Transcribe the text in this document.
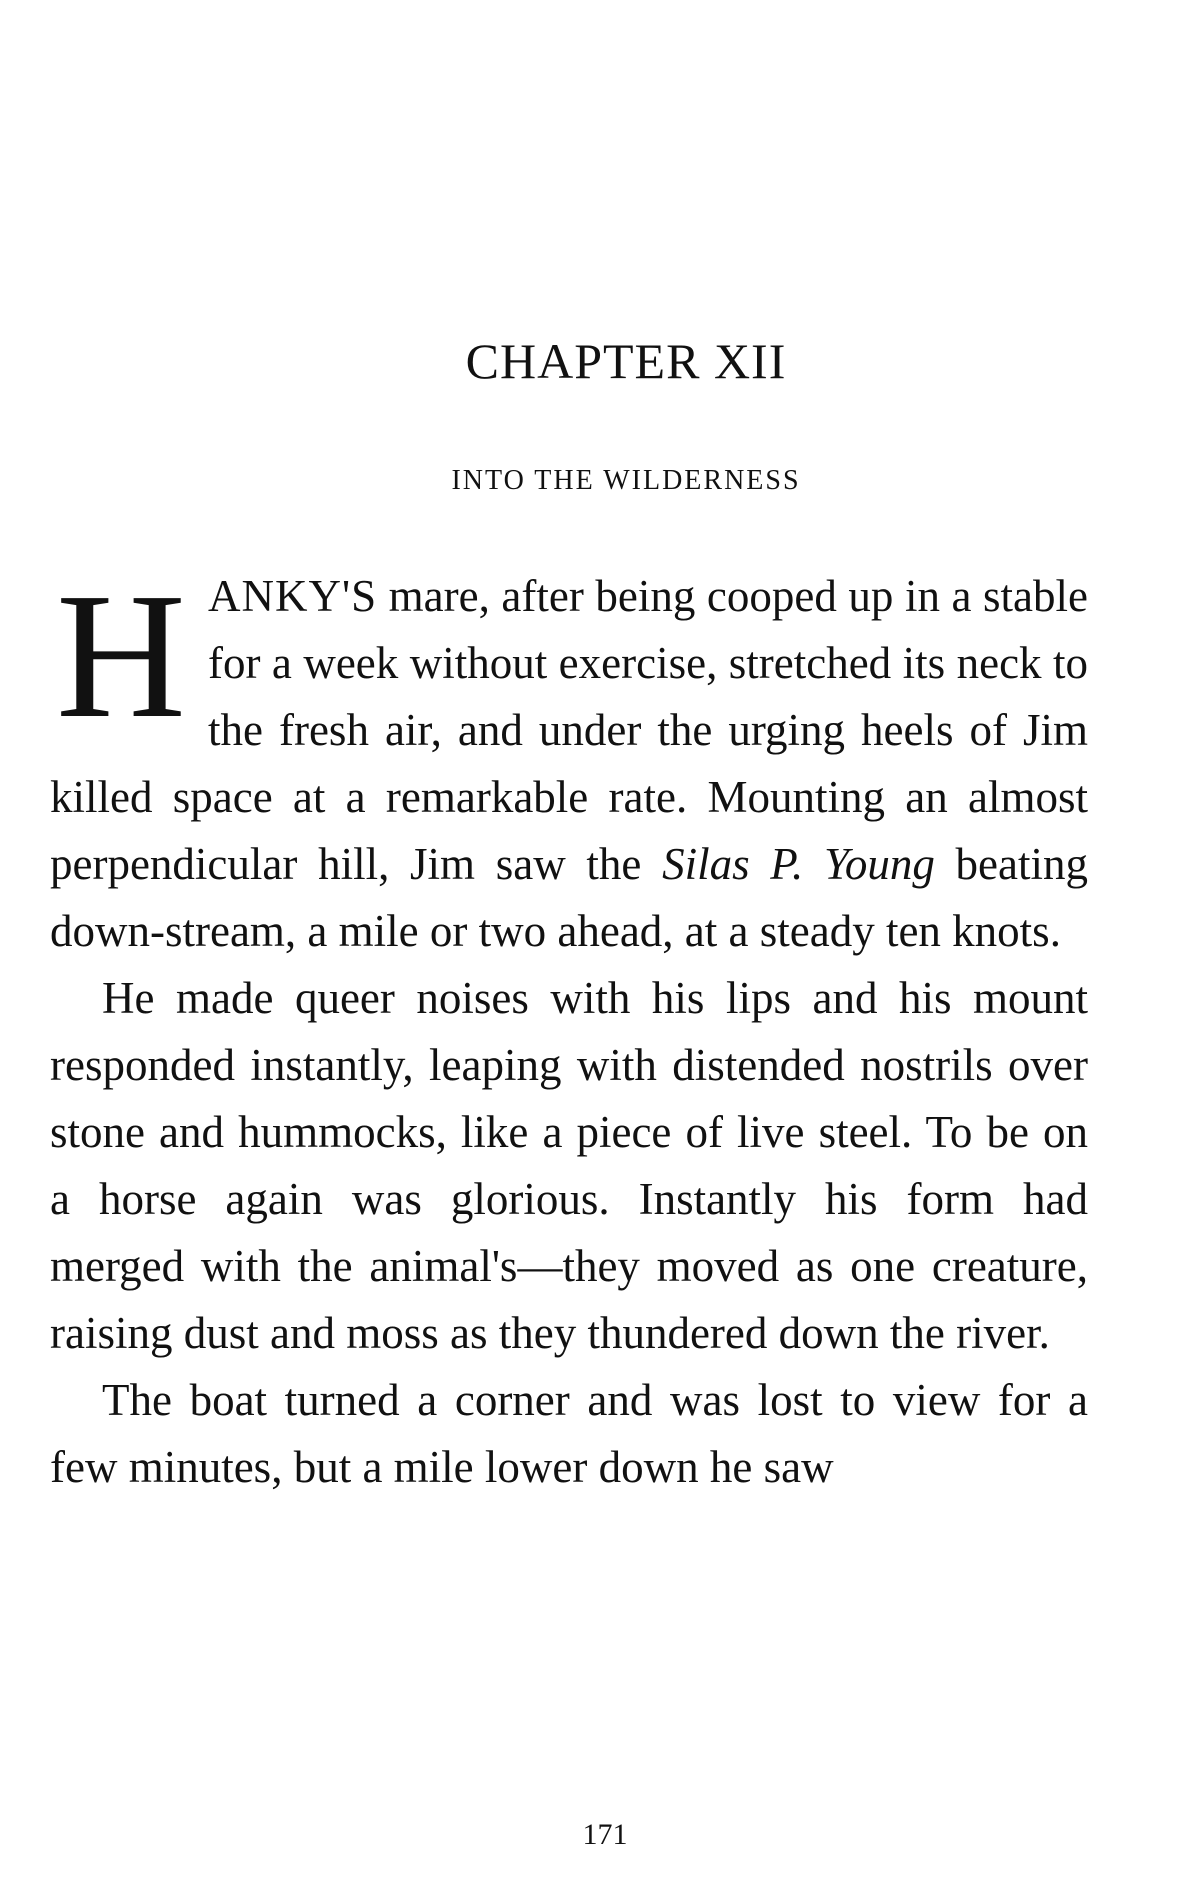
CHAPTER XII
INTO THE WILDERNESS

HANKY'S mare, after being cooped up in a stable for a week without exercise, stretched its neck to the fresh air, and under the urging heels of Jim killed space at a remarkable rate. Mounting an almost perpendicular hill, Jim saw the Silas P. Young beating down-stream, a mile or two ahead, at a steady ten knots.

He made queer noises with his lips and his mount responded instantly, leaping with distended nostrils over stone and hummocks, like a piece of live steel. To be on a horse again was glorious. Instantly his form had merged with the animal's—they moved as one creature, raising dust and moss as they thundered down the river.

The boat turned a corner and was lost to view for a few minutes, but a mile lower down he saw

171
